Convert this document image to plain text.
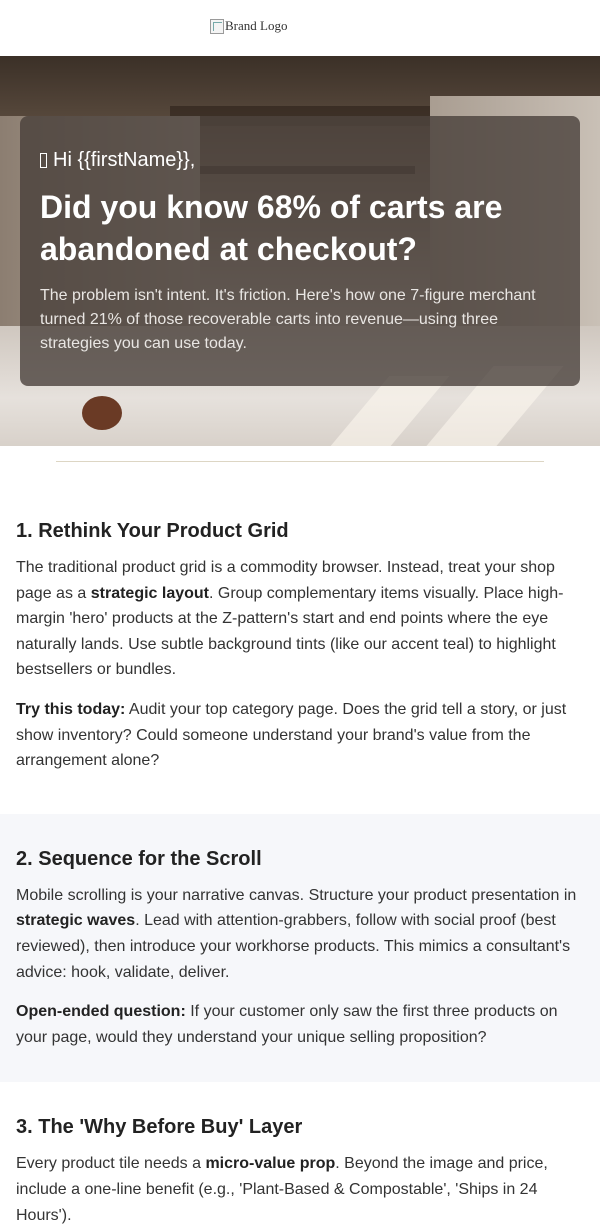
Brand Logo
Hi {{firstName}},
Did you know 68% of carts are abandoned at checkout?

The problem isn't intent. It's friction. Here's how one 7-figure merchant turned 21% of those recoverable carts into revenue—using three strategies you can use today.

1. Rethink Your Product Grid

The traditional product grid is a commodity browser. Instead, treat your shop page as a strategic layout. Group complementary items visually. Place high-margin 'hero' products at the Z-pattern's start and end points where the eye naturally lands. Use subtle background tints (like our accent teal) to highlight bestsellers or bundles.

Try this today: Audit your top category page. Does the grid tell a story, or just show inventory? Could someone understand your brand's value from the arrangement alone?

2. Sequence for the Scroll

Mobile scrolling is your narrative canvas. Structure your product presentation in strategic waves. Lead with attention-grabbers, follow with social proof (best reviewed), then introduce your workhorse products. This mimics a consultant's advice: hook, validate, deliver.

Open-ended question: If your customer only saw the first three products on your page, would they understand your unique selling proposition?

3. The 'Why Before Buy' Layer

Every product tile needs a micro-value prop. Beyond the image and price, include a one-line benefit (e.g., 'Plant-Based & Compostable', 'Ships in 24 Hours').
